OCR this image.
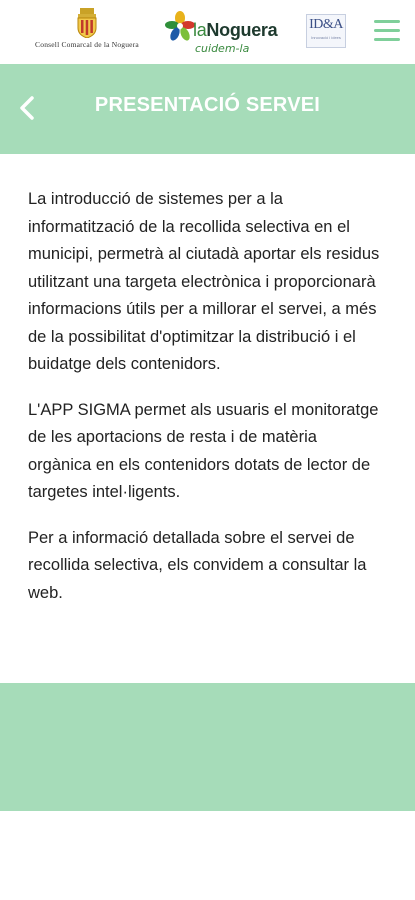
Consell Comarcal de la Noguera
laNoguera
cuidem-la
ID&A
Innovació i idees
PRESENTACIÓ SERVEI

La introducció de sistemes per a la informatització de la recollida selectiva en el municipi, permetrà al ciutadà aportar els residus utilitzant una targeta electrònica i proporcionarà informacions útils per a millorar el servei, a més de la possibilitat d'optimitzar la distribució i el buidatge dels contenidors.

L'APP SIGMA permet als usuaris el monitoratge de les aportacions de resta i de matèria orgànica en els contenidors dotats de lector de targetes intel·ligents.

Per a informació detallada sobre el servei de recollida selectiva, els convidem a consultar la web.
